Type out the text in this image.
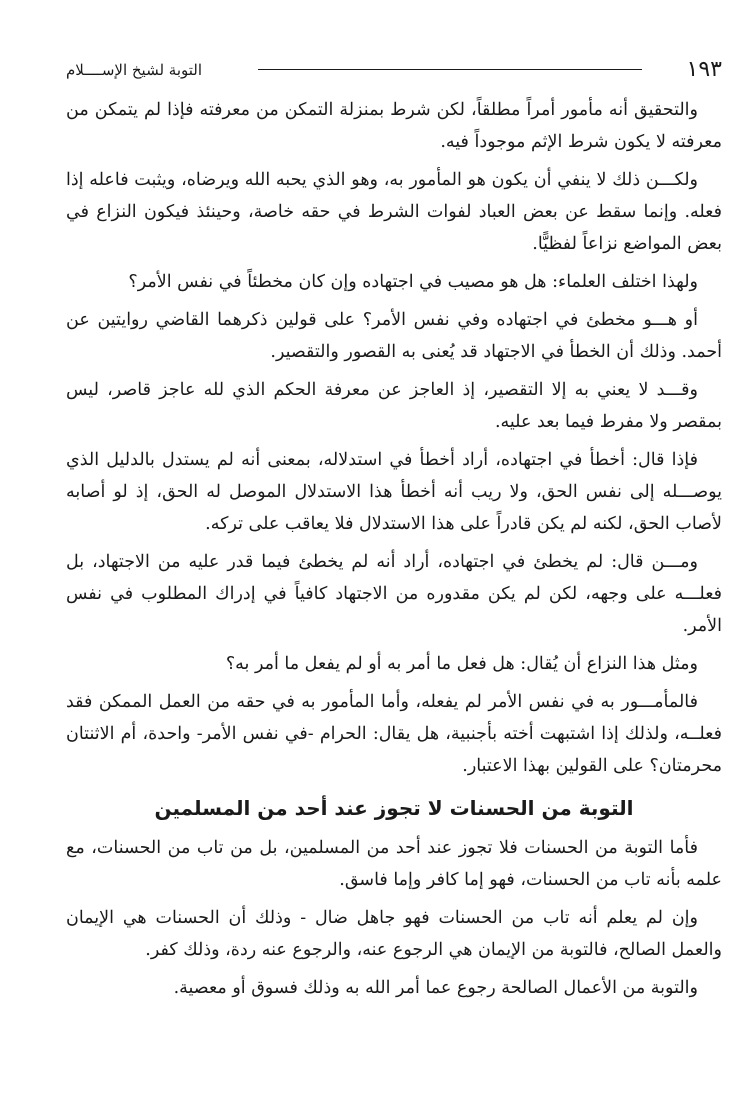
١٩٣
التوبة لشيخ الإســــلام

والتحقيق أنه مأمور أمراً مطلقاً، لكن شرط بمنزلة التمكن من معرفته فإذا لم يتمكن من معرفته لا يكون شرط الإثم موجوداً فيه.

ولكـــن ذلك لا ينفي أن يكون هو المأمور به، وهو الذي يحبه الله ويرضاه، ويثبت فاعله إذا فعله. وإنما سقط عن بعض العباد لفوات الشرط في حقه خاصة، وحينئذ فيكون النزاع في بعض المواضع نزاعاً لفظيًّا.

ولهذا اختلف العلماء: هل هو مصيب في اجتهاده وإن كان مخطئاً في نفس الأمر؟

أو هـــو مخطئ في اجتهاده وفي نفس الأمر؟ على قولين ذكرهما القاضي روايتين عن أحمد. وذلك أن الخطأ في الاجتهاد قد يُعنى به القصور والتقصير.

وقـــد لا يعني به إلا التقصير، إذ العاجز عن معرفة الحكم الذي لله عاجز قاصر، ليس بمقصر ولا مفرط فيما بعد عليه.

فإذا قال: أخطأ في اجتهاده، أراد أخطأ في استدلاله، بمعنى أنه لم يستدل بالدليل الذي يوصـــله إلى نفس الحق، ولا ريب أنه أخطأ هذا الاستدلال الموصل له الحق، إذ لو أصابه لأصاب الحق، لكنه لم يكن قادراً على هذا الاستدلال فلا يعاقب على تركه.

ومـــن قال: لم يخطئ في اجتهاده، أراد أنه لم يخطئ فيما قدر عليه من الاجتهاد، بل فعلـــه على وجهه، لكن لم يكن مقدوره من الاجتهاد كافياً في إدراك المطلوب في نفس الأمر.

ومثل هذا النزاع أن يُقال: هل فعل ما أمر به أو لم يفعل ما أمر به؟

فالمأمـــور به في نفس الأمر لم يفعله، وأما المأمور به في حقه من العمل الممكن فقد فعلــه، ولذلك إذا اشتبهت أخته بأجنبية، هل يقال: الحرام -في نفس الأمر- واحدة، أم الاثنتان محرمتان؟ على القولين بهذا الاعتبار.

التوبة من الحسنات لا تجوز عند أحد من المسلمين

فأما التوبة من الحسنات فلا تجوز عند أحد من المسلمين، بل من تاب من الحسنات، مع علمه بأنه تاب من الحسنات، فهو إما كافر وإما فاسق.

وإن لم يعلم أنه تاب من الحسنات فهو جاهل ضال - وذلك أن الحسنات هي الإيمان والعمل الصالح، فالتوبة من الإيمان هي الرجوع عنه، والرجوع عنه ردة، وذلك كفر.

والتوبة من الأعمال الصالحة رجوع عما أمر الله به وذلك فسوق أو معصية.
